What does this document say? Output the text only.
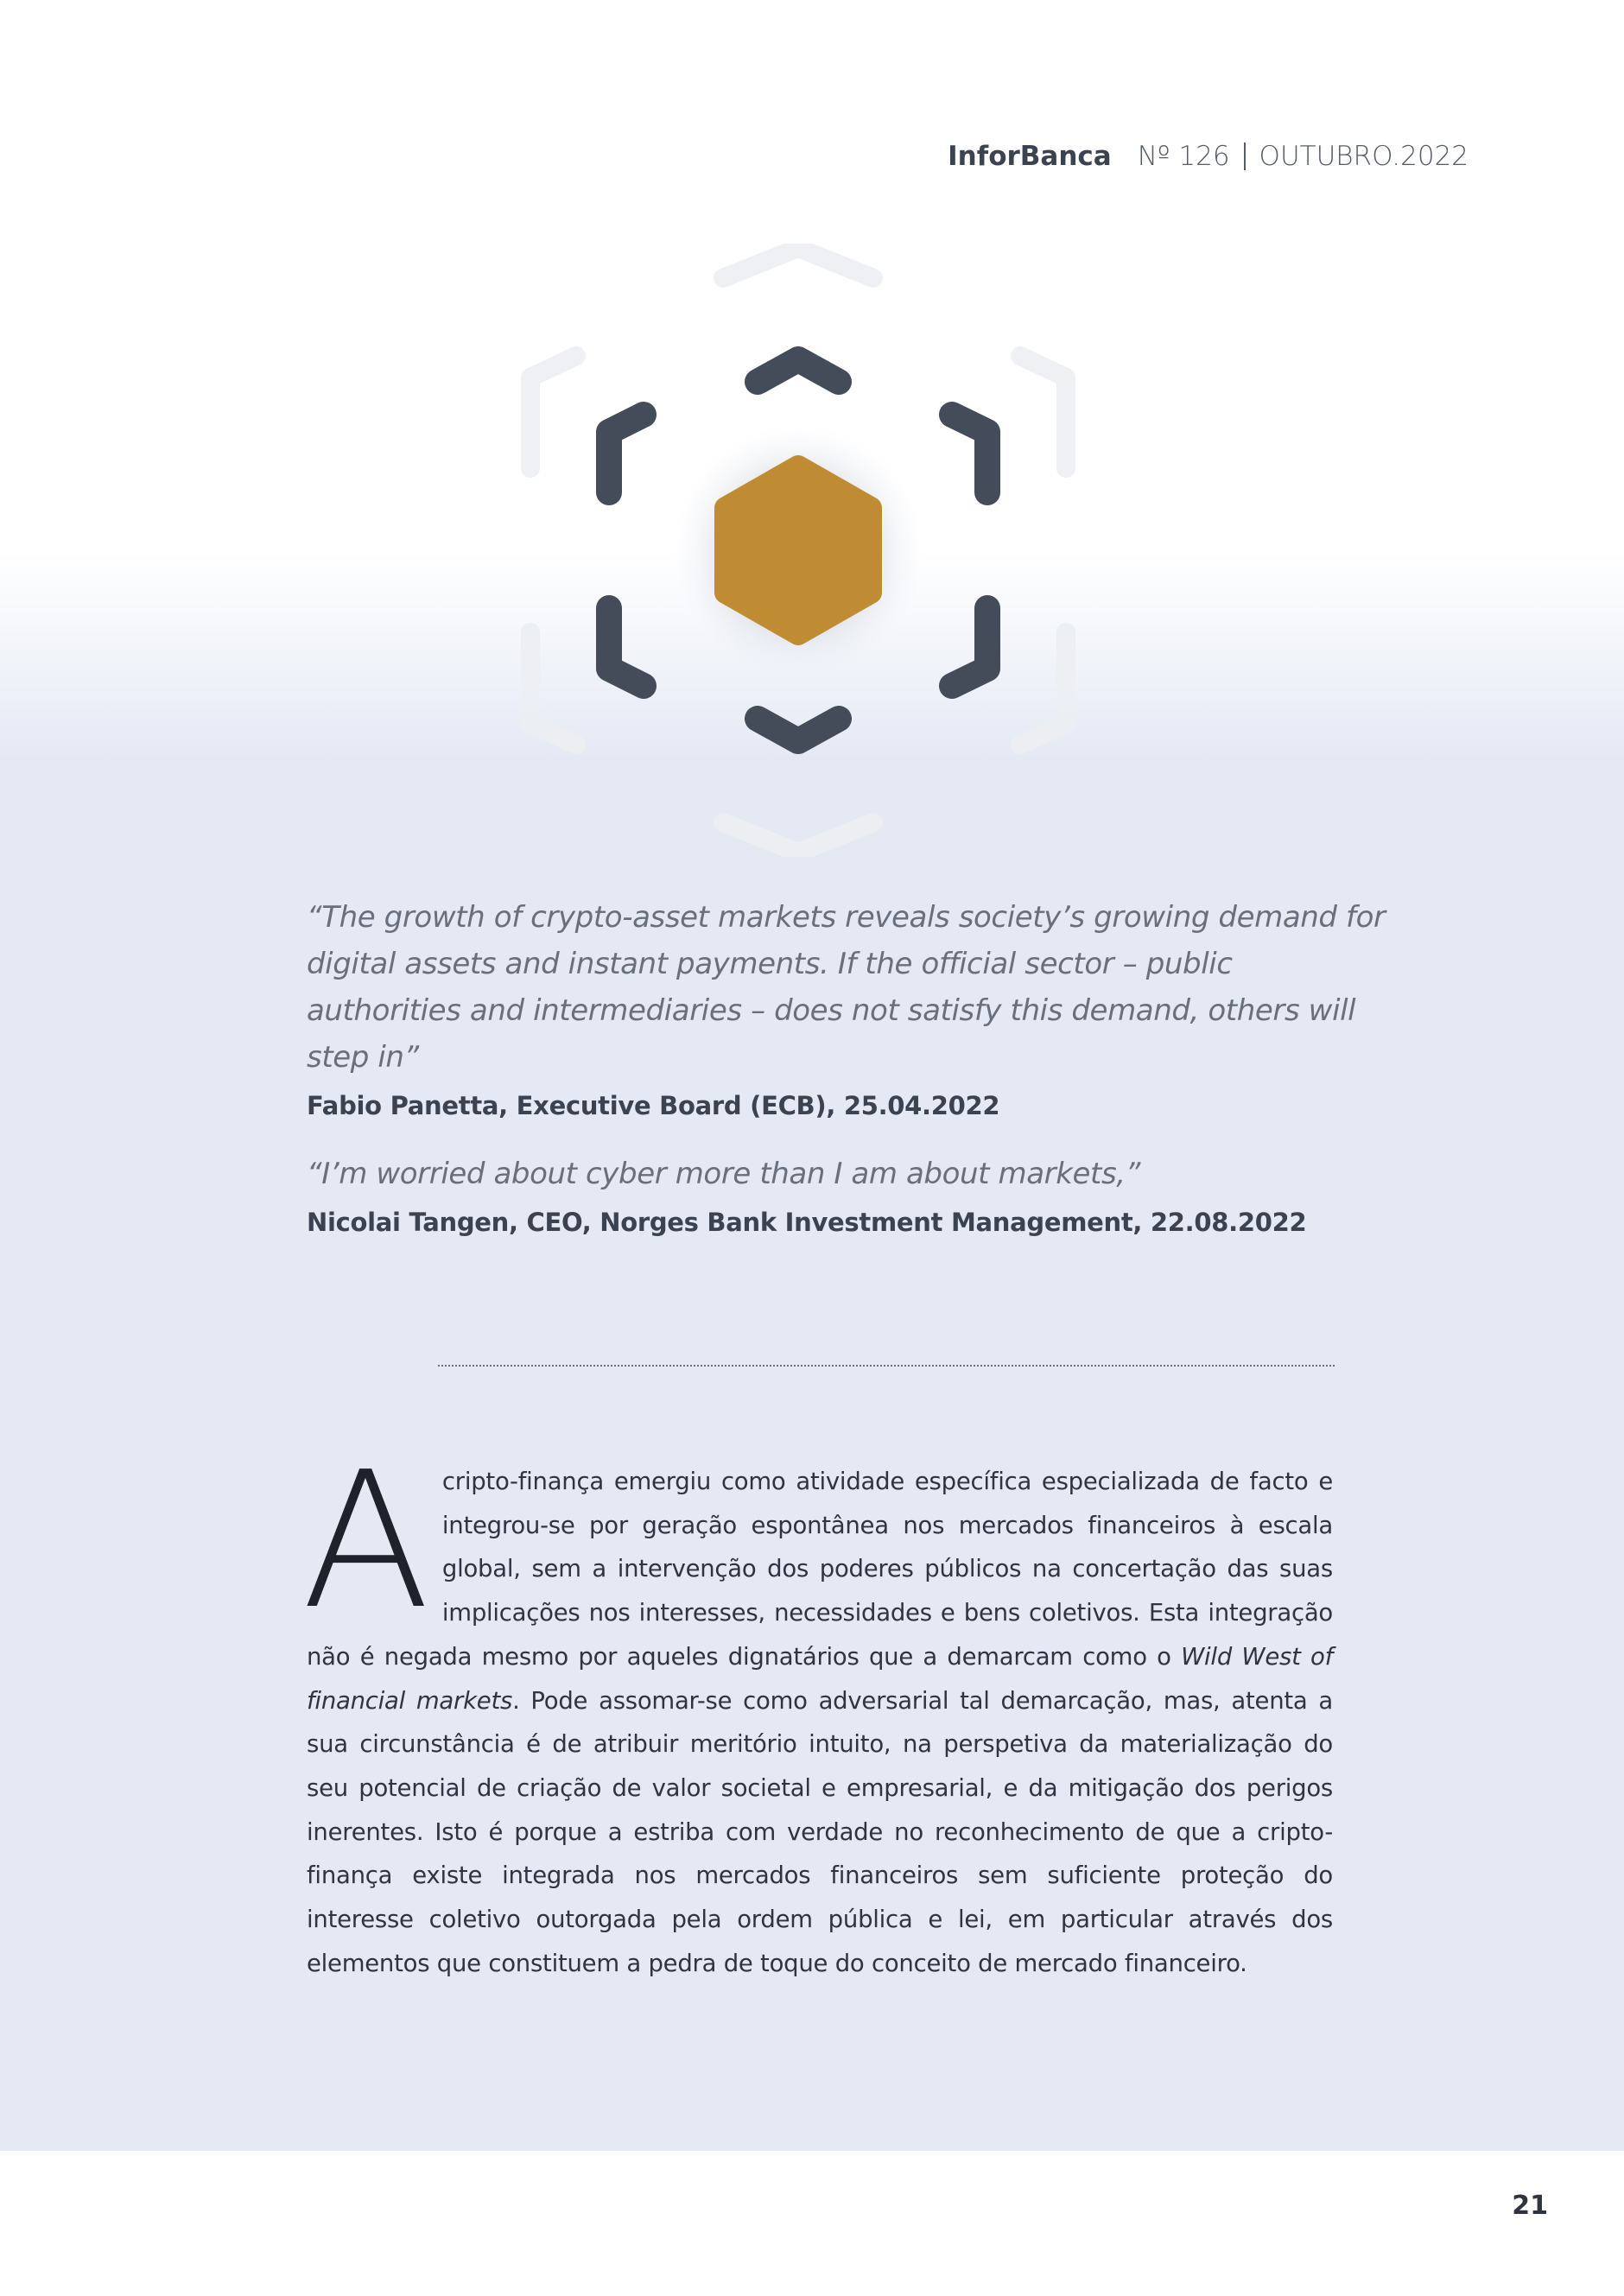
InforBanca Nº 126 OUTUBRO.2022
“The growth of crypto-asset markets reveals society’s growing demand for digital assets and instant payments. If the official sector – public authorities and intermediaries – does not satisfy this demand, others will step in”
Fabio Panetta, Executive Board (ECB), 25.04.2022
“I’m worried about cyber more than I am about markets,”
Nicolai Tangen, CEO, Norges Bank Investment Management, 22.08.2022
A cripto-finança emergiu como atividade específica especializada de facto e integrou-se por geração espontânea nos mercados financeiros à escala global, sem a intervenção dos poderes públicos na concertação das suas implicações nos interesses, necessidades e bens coletivos. Esta integração não é negada mesmo por aqueles dignatários que a demarcam como o Wild West of financial markets. Pode assomar-se como adversarial tal demarcação, mas, atenta a sua circunstância é de atribuir meritório intuito, na perspetiva da materialização do seu potencial de criação de valor societal e empresarial, e da mitigação dos perigos inerentes. Isto é porque a estriba com verdade no reconhecimento de que a cripto-finança existe integrada nos mercados financeiros sem suficiente proteção do interesse coletivo outorgada pela ordem pública e lei, em particular através dos elementos que constituem a pedra de toque do conceito de mercado financeiro.
21
